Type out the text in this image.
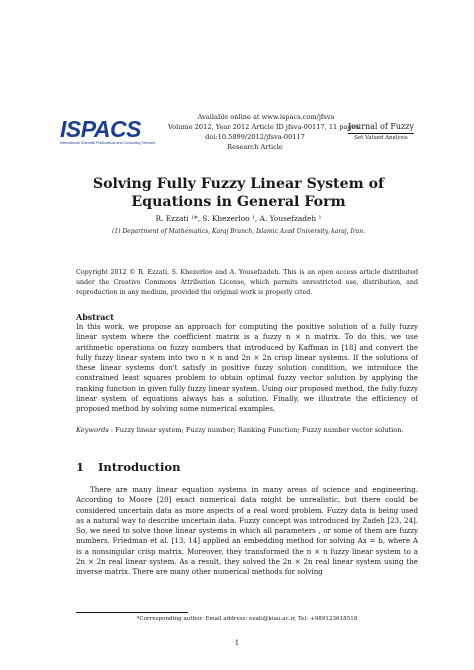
ISPACS
International Scientific Publications and Consulting Services
Available online at www.ispacs.com/jfsva
Volume 2012, Year 2012 Article ID jfsva-00117, 11 pages
doi:10.5899/2012/jfsva-00117
Research Article
Journal of Fuzzy
Set Valued Analysis
Solving Fully Fuzzy Linear System of Equations in General Form
R. Ezzati ¹*, S. Khezerloo ¹, A. Yousefzadeh ¹
(1) Department of Mathematics, Karaj Branch, Islamic Azad University, karaj, Iran.
Copyright 2012 © R. Ezzati, S. Khezerloo and A. Yousefzadeh. This is an open access article distributed under the Creative Commons Attribution License, which permits unrestricted use, distribution, and reproduction in any medium, provided the original work is properly cited.
Abstract
In this work, we propose an approach for computing the positive solution of a fully fuzzy linear system where the coefficient matrix is a fuzzy n × n matrix. To do this, we use arithmetic operations on fuzzy numbers that introduced by Kaffman in [18] and convert the fully fuzzy linear system into two n × n and 2n × 2n crisp linear systems. If the solutions of these linear systems don't satisfy in positive fuzzy solution condition, we introduce the constrained least squares problem to obtain optimal fuzzy vector solution by applying the ranking function in given fully fuzzy linear system. Using our proposed method, the fully fuzzy linear system of equations always has a solution. Finally, we illustrate the efficiency of proposed method by solving some numerical examples.
Keywords : Fuzzy linear system; Fuzzy number; Ranking Function; Fuzzy number vector solution.
1 Introduction
There are many linear equation systems in many areas of science and engineering. According to Moore [20] exact numerical data might be unrealistic, but there could be considered uncertain data as more aspects of a real word problem. Fuzzy data is being used as a natural way to describe uncertain data. Fuzzy concept was introduced by Zadeh [23, 24]. So, we need to solve those linear systems in which all parameters , or some of them are fuzzy numbers. Friedman et al. [13, 14] applied an embedding method for solving Ax = b, where A is a nonsingular crisp matrix. Moreover, they transformed the n × n fuzzy linear system to a 2n × 2n real linear system. As a result, they solved the 2n × 2n real linear system using the inverse matrix. There are many other numerical methods for solving
*Corresponding author. Email address: ezati@kiau.ac.ir, Tel: +989123618518
1
